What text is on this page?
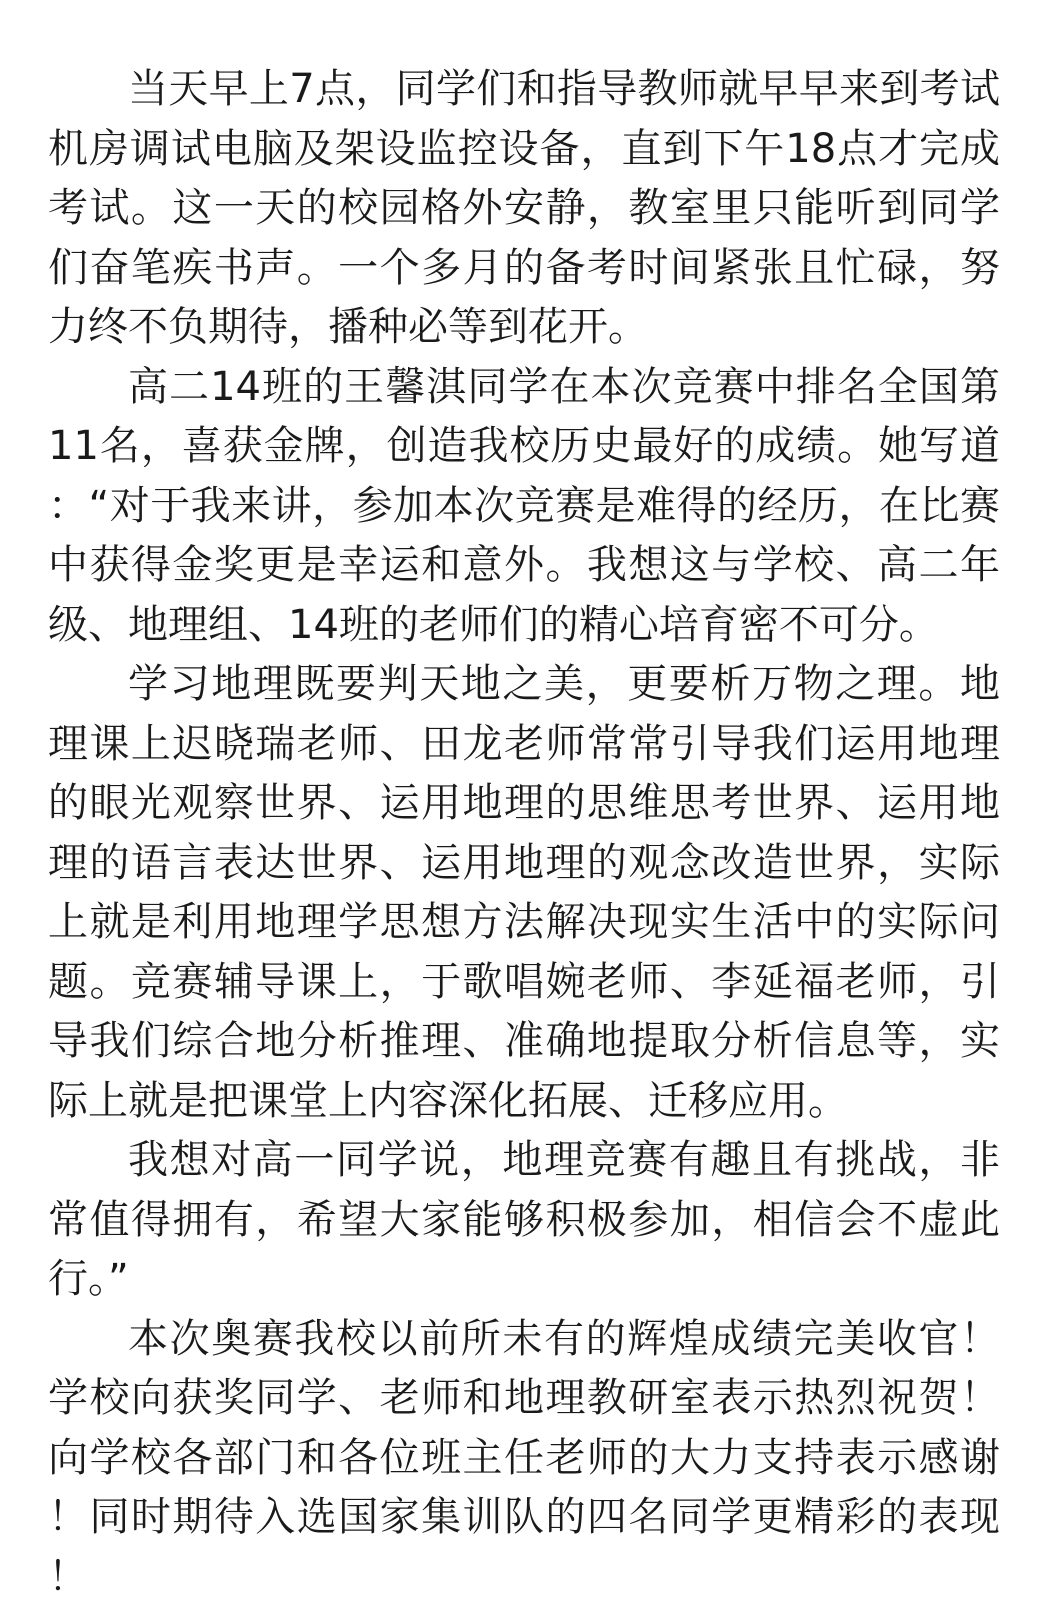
当天早上7点，同学们和指导教师就早早来到考试机房调试电脑及架设监控设备，直到下午18点才完成考试。这一天的校园格外安静，教室里只能听到同学们奋笔疾书声。一个多月的备考时间紧张且忙碌，努力终不负期待，播种必等到花开。

高二14班的王馨淇同学在本次竞赛中排名全国第11名，喜获金牌，创造我校历史最好的成绩。她写道：“对于我来讲，参加本次竞赛是难得的经历，在比赛中获得金奖更是幸运和意外。我想这与学校、高二年级、地理组、14班的老师们的精心培育密不可分。

学习地理既要判天地之美，更要析万物之理。地理课上迟晓瑞老师、田龙老师常常引导我们运用地理的眼光观察世界、运用地理的思维思考世界、运用地理的语言表达世界、运用地理的观念改造世界，实际上就是利用地理学思想方法解决现实生活中的实际问题。竞赛辅导课上，于歌唱婉老师、李延福老师，引导我们综合地分析推理、准确地提取分析信息等，实际上就是把课堂上内容深化拓展、迁移应用。

我想对高一同学说，地理竞赛有趣且有挑战，非常值得拥有，希望大家能够积极参加，相信会不虚此行。”

本次奥赛我校以前所未有的辉煌成绩完美收官！学校向获奖同学、老师和地理教研室表示热烈祝贺！向学校各部门和各位班主任老师的大力支持表示感谢！同时期待入选国家集训队的四名同学更精彩的表现！
